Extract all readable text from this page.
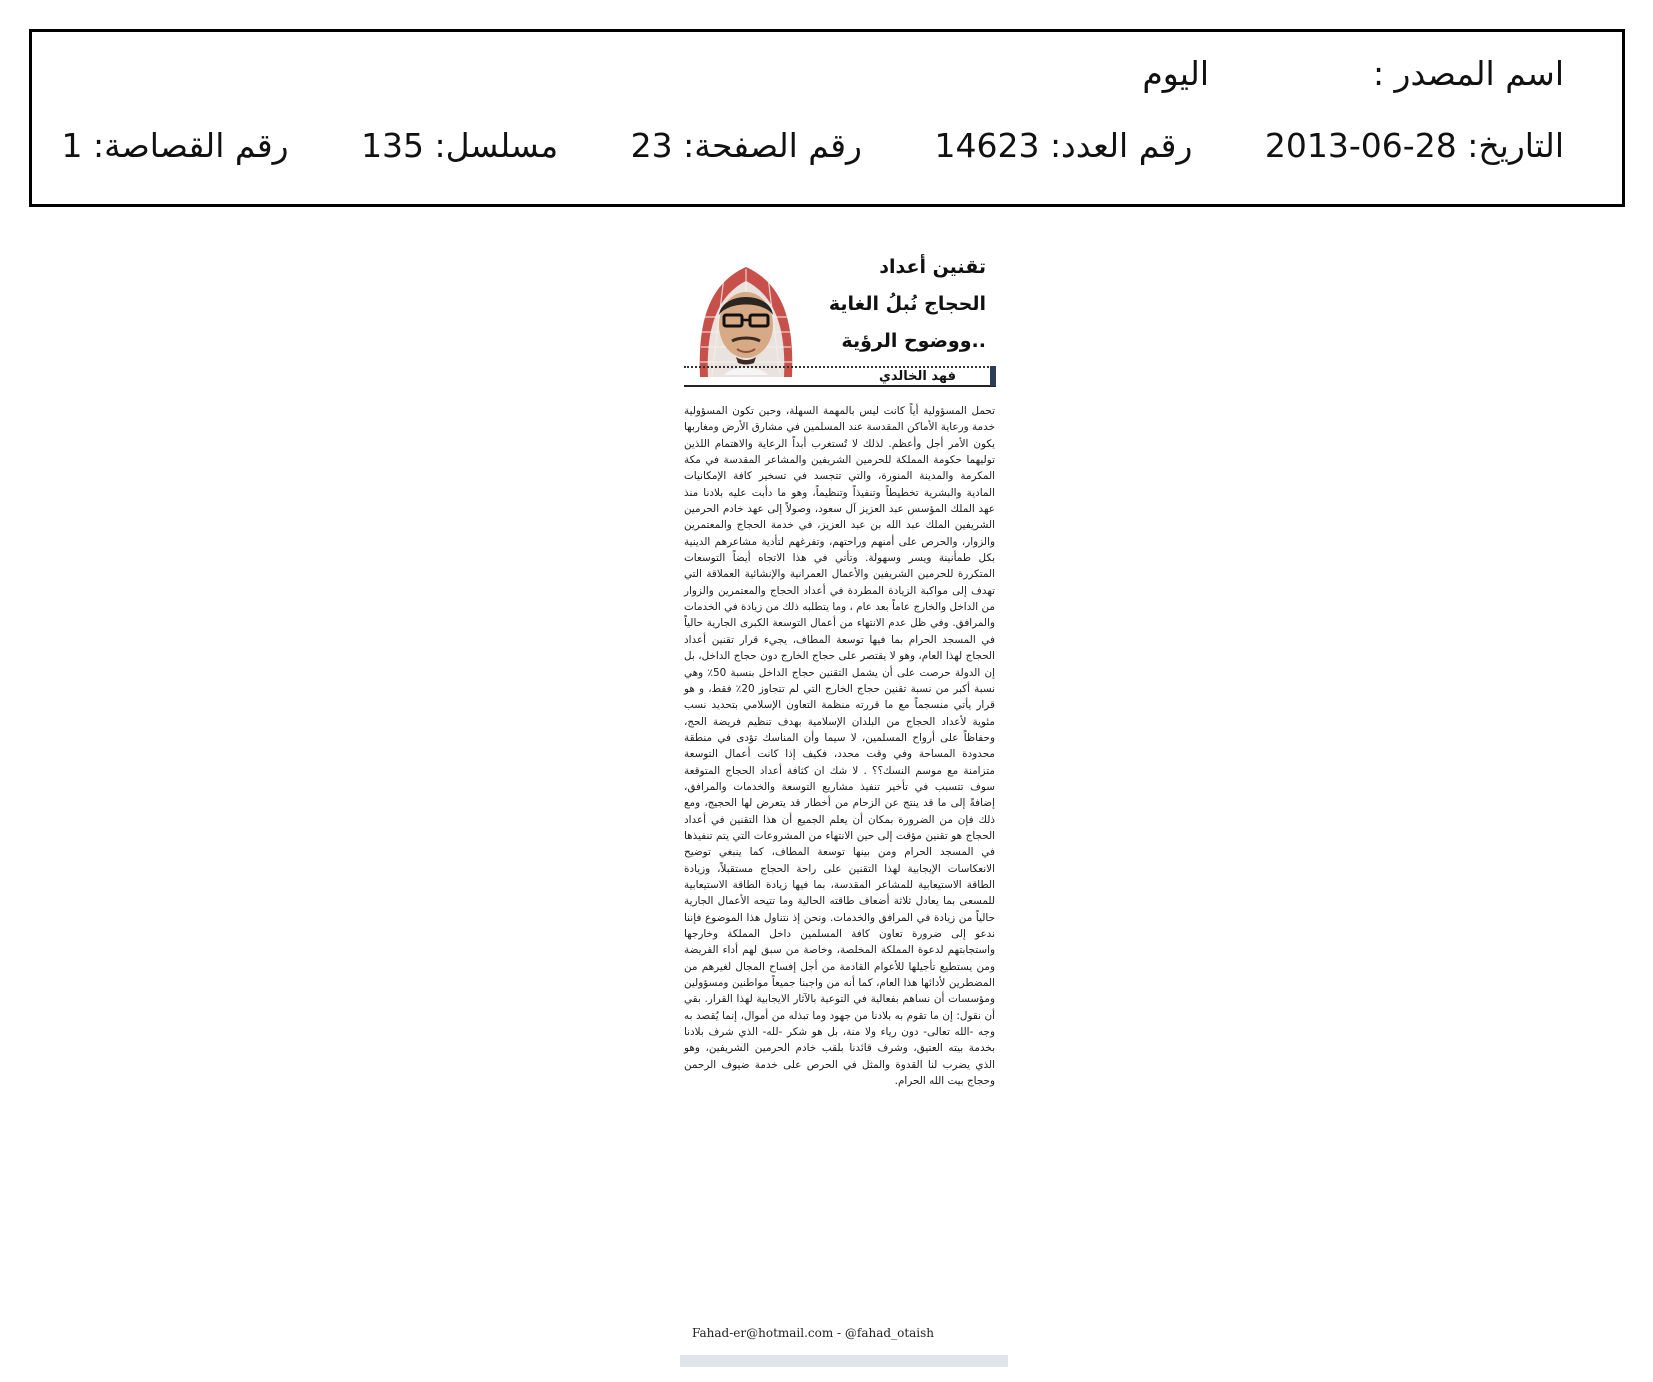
اسم المصدر :
اليوم
التاريخ: 28-06-2013 رقم العدد: 14623 رقم الصفحة: 23 مسلسل: 135 رقم القصاصة: 1
تقنين أعداد
الحجاج نُبلُ الغاية
..ووضوح الرؤية
فهد الخالدي

تحمل المسؤولية أياً كانت ليس بالمهمة السهلة، وحين تكون المسؤولية خدمة ورعاية الأماكن المقدسة عند المسلمين في مشارق الأرض ومغاربها يكون الأمر أجل وأعظم. لذلك لا تُستغرب أبداً الرعاية والاهتمام اللذين توليهما حكومة المملكة للحرمين الشريفين والمشاعر المقدسة في مكة المكرمة والمدينة المنورة، والتي تتجسد في تسخير كافة الإمكانيات المادية والبشرية تخطيطاً وتنفيذاً وتنظيماً، وهو ما دأبت عليه بلادنا منذ عهد الملك المؤسس عبد العزيز آل سعود، وصولاً إلى عهد خادم الحرمين الشريفين الملك عبد الله بن عبد العزيز، في خدمة الحجاج والمعتمرين والزوار، والحرص على أمنهم وراحتهم، وتفرغهم لتأدية مشاعرهم الدينية بكل طمأنينة ويسر وسهولة. وتأتي في هذا الاتجاه أيضاً التوسعات المتكررة للحرمين الشريفين والأعمال العمرانية والإنشائية العملاقة التي تهدف إلى مواكبة الزيادة المطردة في أعداد الحجاج والمعتمرين والزوار من الداخل والخارج عاماً بعد عام ، وما يتطلبه ذلك من زيادة في الخدمات والمرافق. وفي ظل عدم الانتهاء من أعمال التوسعة الكبرى الجارية حالياً في المسجد الحرام بما فيها توسعة المطاف، يجيء قرار تقنين أعداد الحجاج لهذا العام، وهو لا يقتصر على حجاج الخارج دون حجاج الداخل، بل إن الدولة حرصت على أن يشمل التقنين حجاج الداخل بنسبة 50٪ وهي نسبة أكبر من نسبة تقنين حجاج الخارج التي لم تتجاوز 20٪ فقط، و هو قرار يأتي منسجماً مع ما قررته منظمة التعاون الإسلامي بتحديد نسب مئوية لأعداد الحجاج من البلدان الإسلامية بهدف تنظيم فريضة الحج، وحفاظاً على أرواح المسلمين، لا سيما وأن المناسك تؤدى في منطقة محدودة المساحة وفي وقت محدد، فكيف إذا كانت أعمال التوسعة متزامنة مع موسم النسك؟؟ . لا شك ان كثافة أعداد الحجاج المتوقعة سوف تتسبب في تأخير تنفيذ مشاريع التوسعة والخدمات والمرافق، إضافةً إلى ما قد ينتج عن الزحام من أخطار قد يتعرض لها الحجيج، ومع ذلك فإن من الضرورة بمكان أن يعلم الجميع أن هذا التقنين في أعداد الحجاج هو تقنين مؤقت إلى حين الانتهاء من المشروعات التي يتم تنفيذها في المسجد الحرام ومن بينها توسعة المطاف، كما ينبغي توضيح الانعكاسات الإيجابية لهذا التقنين على راحة الحجاج مستقبلاً، وزيادة الطاقة الاستيعابية للمشاعر المقدسة، بما فيها زيادة الطاقة الاستيعابية للمسعى بما يعادل ثلاثة أضعاف طاقته الحالية وما تتيحه الأعمال الجارية حالياً من زيادة في المرافق والخدمات. ونحن إذ نتناول هذا الموضوع فإننا ندعو إلى ضرورة تعاون كافة المسلمين داخل المملكة وخارجها واستجابتهم لدعوة المملكة المخلصة، وخاصة من سبق لهم أداء الفريضة ومن يستطيع تأجيلها للأعوام القادمة من أجل إفساح المجال لغيرهم من المضطرين لأدائها هذا العام، كما أنه من واجبنا جميعاً مواطنين ومسؤولين ومؤسسات أن نساهم بفعالية في التوعية بالآثار الايجابية لهذا القرار. بقي أن نقول: إن ما تقوم به بلادنا من جهود وما تبذله من أموال، إنما يُقصد به وجه -الله تعالى- دون رياء ولا منة، بل هو شكر -لله- الذي شرف بلادنا بخدمة بيته العتيق، وشرف قائدنا بلقب خادم الحرمين الشريفين، وهو الذي يضرب لنا القدوة والمثل في الحرص على خدمة ضيوف الرحمن وحجاج بيت الله الحرام.

Fahad-er@hotmail.com - @fahad_otaish
